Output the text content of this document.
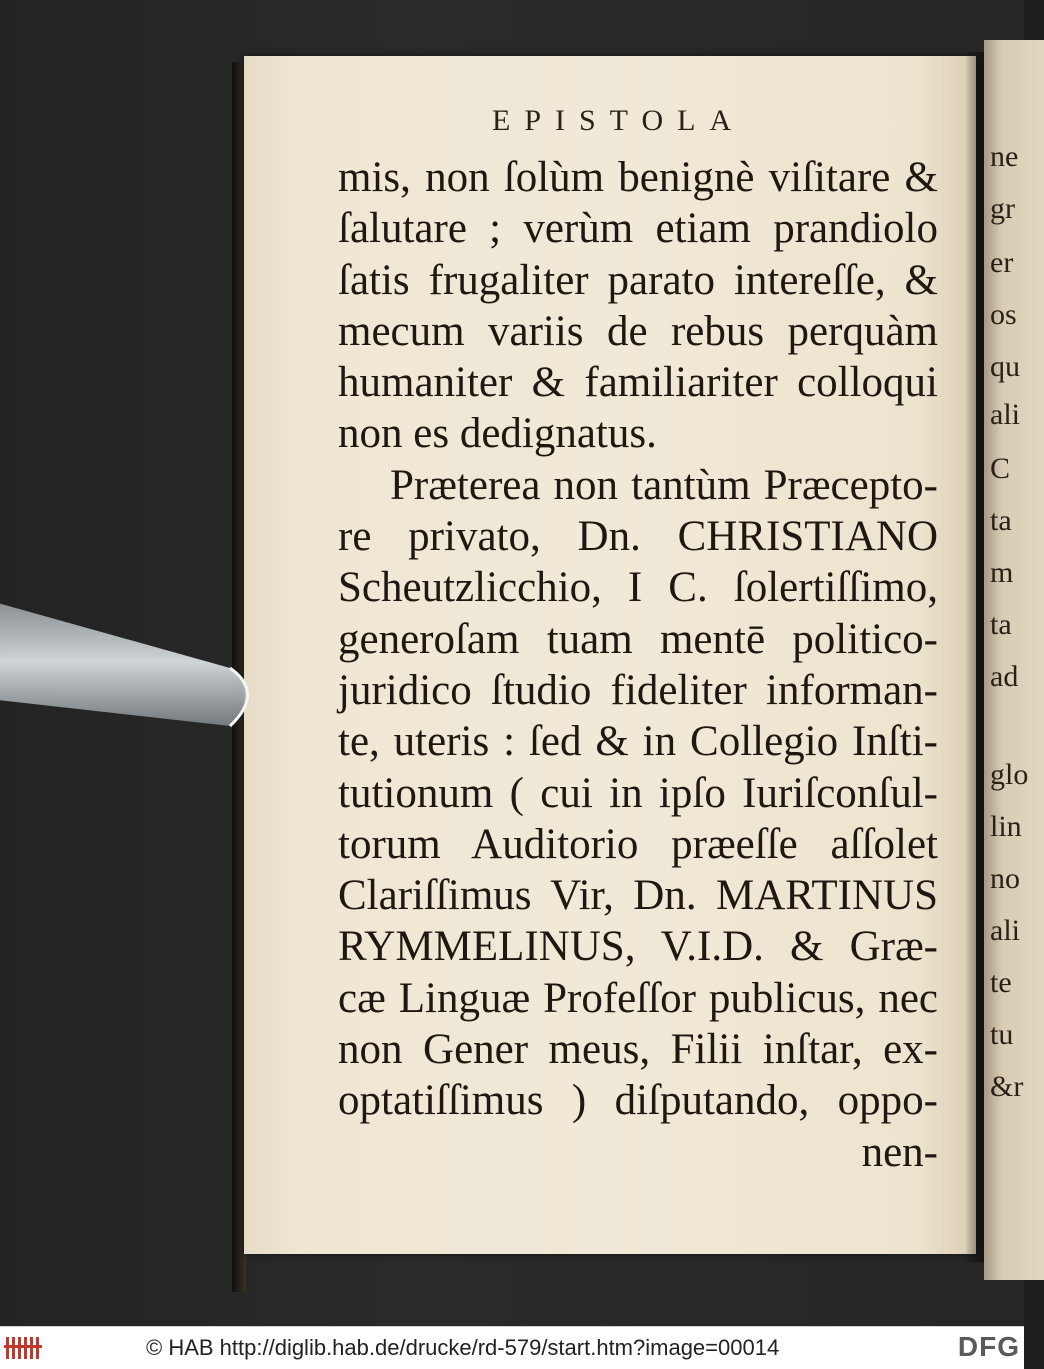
ne
gr
er
os
qu
ali
C
ta
m
ta
ad
glo
lin
no
ali
te
tu
&r
EPISTOLA
mis, non ſolùm benignè viſitare &
ſalutare ; verùm etiam prandiolo
ſatis frugaliter parato intereſſe, &
mecum variis de rebus perquàm
humaniter & familiariter colloqui
non es dedignatus.
Præterea non tantùm Præcepto-
re privato, Dn. CHRISTIANO
Scheutzlicchio, I C. ſolertiſſimo,
generoſam tuam mentē politico-
juridico ſtudio fideliter informan-
te, uteris : ſed & in Collegio Inſti-
tutionum ( cui in ipſo Iuriſconſul-
torum Auditorio præeſſe aſſolet
Clariſſimus Vir, Dn. MARTINUS
RYMMELINUS, V.I.D. & Græ-
cæ Linguæ Profeſſor publicus, nec
non Gener meus, Filii inſtar, ex-
optatiſſimus ) diſputando, oppo-
nen-
© HAB http://diglib.hab.de/drucke/rd-579/start.htm?image=00014	DFG
